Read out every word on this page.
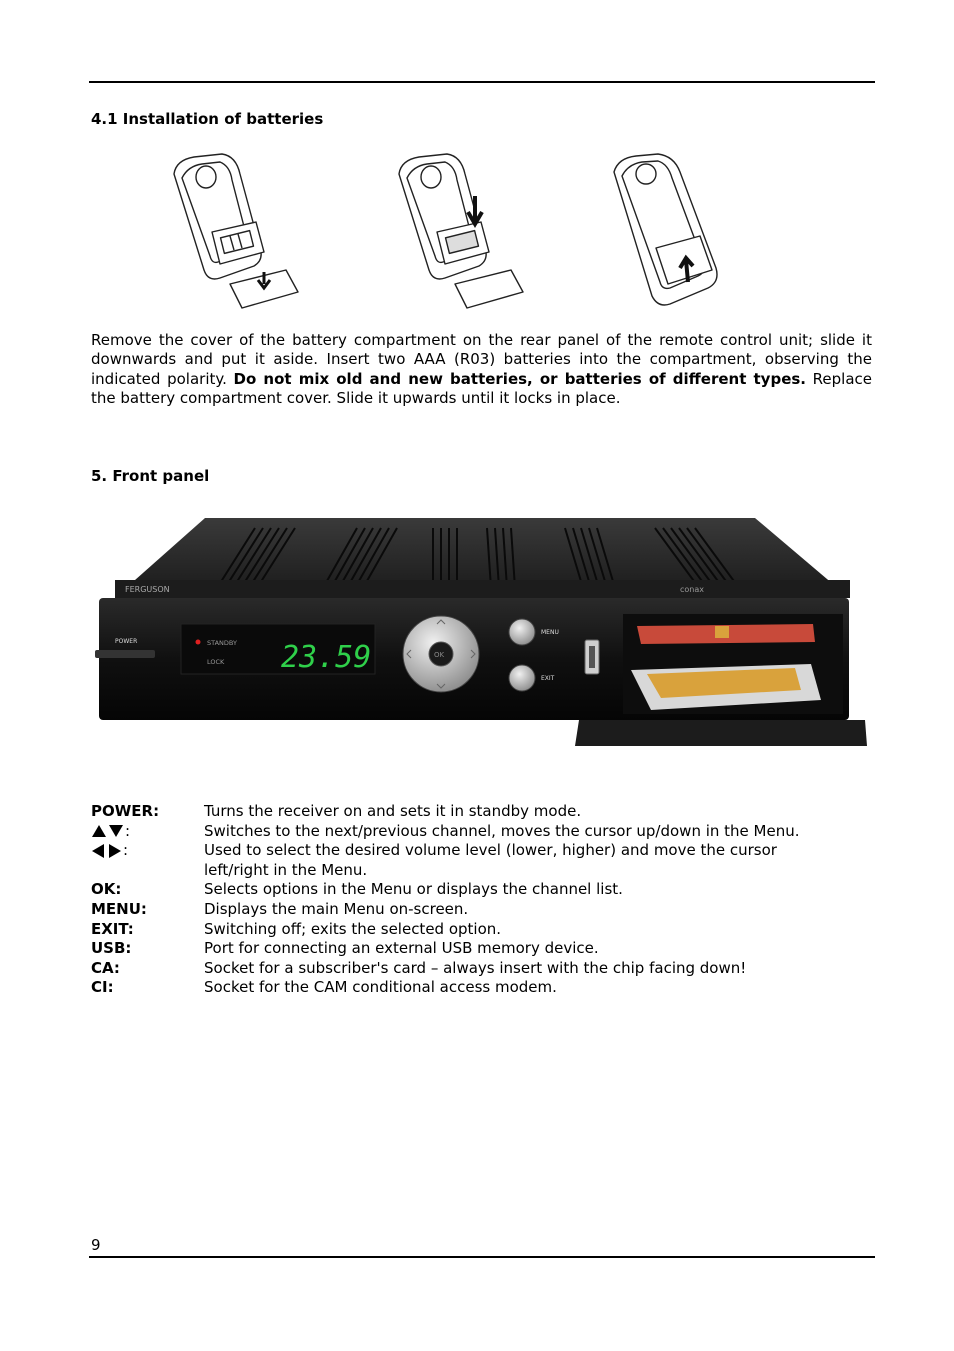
4.1 Installation of batteries
Remove the cover of the battery compartment on the rear panel of the remote control unit; slide it downwards and put it aside. Insert two AAA (R03) batteries into the compartment, observing the indicated polarity. Do not mix old and new batteries, or batteries of different types. Replace the battery compartment cover. Slide it upwards until it locks in place.
5. Front panel
FERGUSON	conax
POWER	STANDBY
LOCK 23.59	OK
MENU
EXIT
POWER:	Turns the receiver on and sets it in standby mode.
:	Switches to the next/previous channel, moves the cursor up/down in the Menu.
:	Used to select the desired volume level (lower, higher) and move the cursor left/right in the Menu.
OK:	Selects options in the Menu or displays the channel list.
MENU:	Displays the main Menu on-screen.
EXIT:	Switching off; exits the selected option.
USB:	Port for connecting an external USB memory device.
CA:	Socket for a subscriber's card – always insert with the chip facing down!
CI:	Socket for the CAM conditional access modem.
9
